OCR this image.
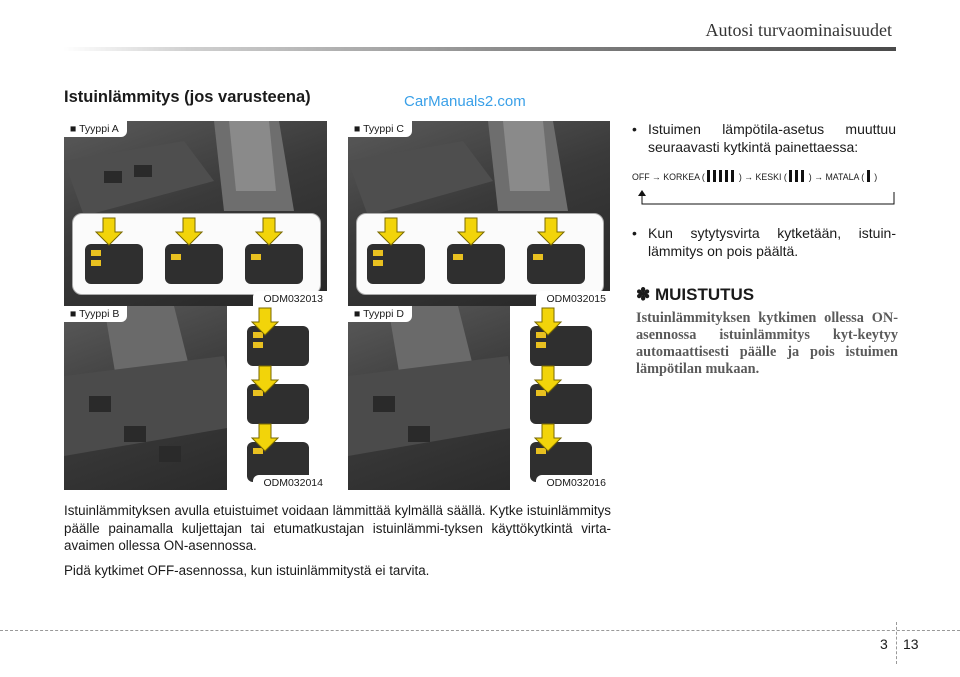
Autosi turvaominaisuudet
Istuinlämmitys (jos varusteena)	CarManuals2.com
■ Tyyppi A
ODM032013
■ Tyyppi C
ODM032015
■ Tyyppi B
ODM032014
■ Tyyppi D
ODM032016
Istuinlämmityksen avulla etuistuimet voidaan lämmittää kylmällä säällä. Kytke istuinlämmitys päälle painamalla kuljettajan tai etumatkustajan istuinlämmi-tyksen käyttökytkintä virta-avaimen ollessa ON-asennossa.
Pidä kytkimet OFF-asennossa, kun istuinlämmitystä ei tarvita.
• Istuimen lämpötila-asetus muuttuu seuraavasti kytkintä painettaessa:
OFF → KORKEA (	) → KESKI (	) → MATALA ( )
• Kun sytytysvirta kytketään, istuin-lämmitys on pois päältä.
✽ MUISTUTUS
Istuinlämmityksen kytkimen ollessa ON-asennossa istuinlämmitys kyt-keytyy automaattisesti päälle ja pois istuimen lämpötilan mukaan.
3 13
